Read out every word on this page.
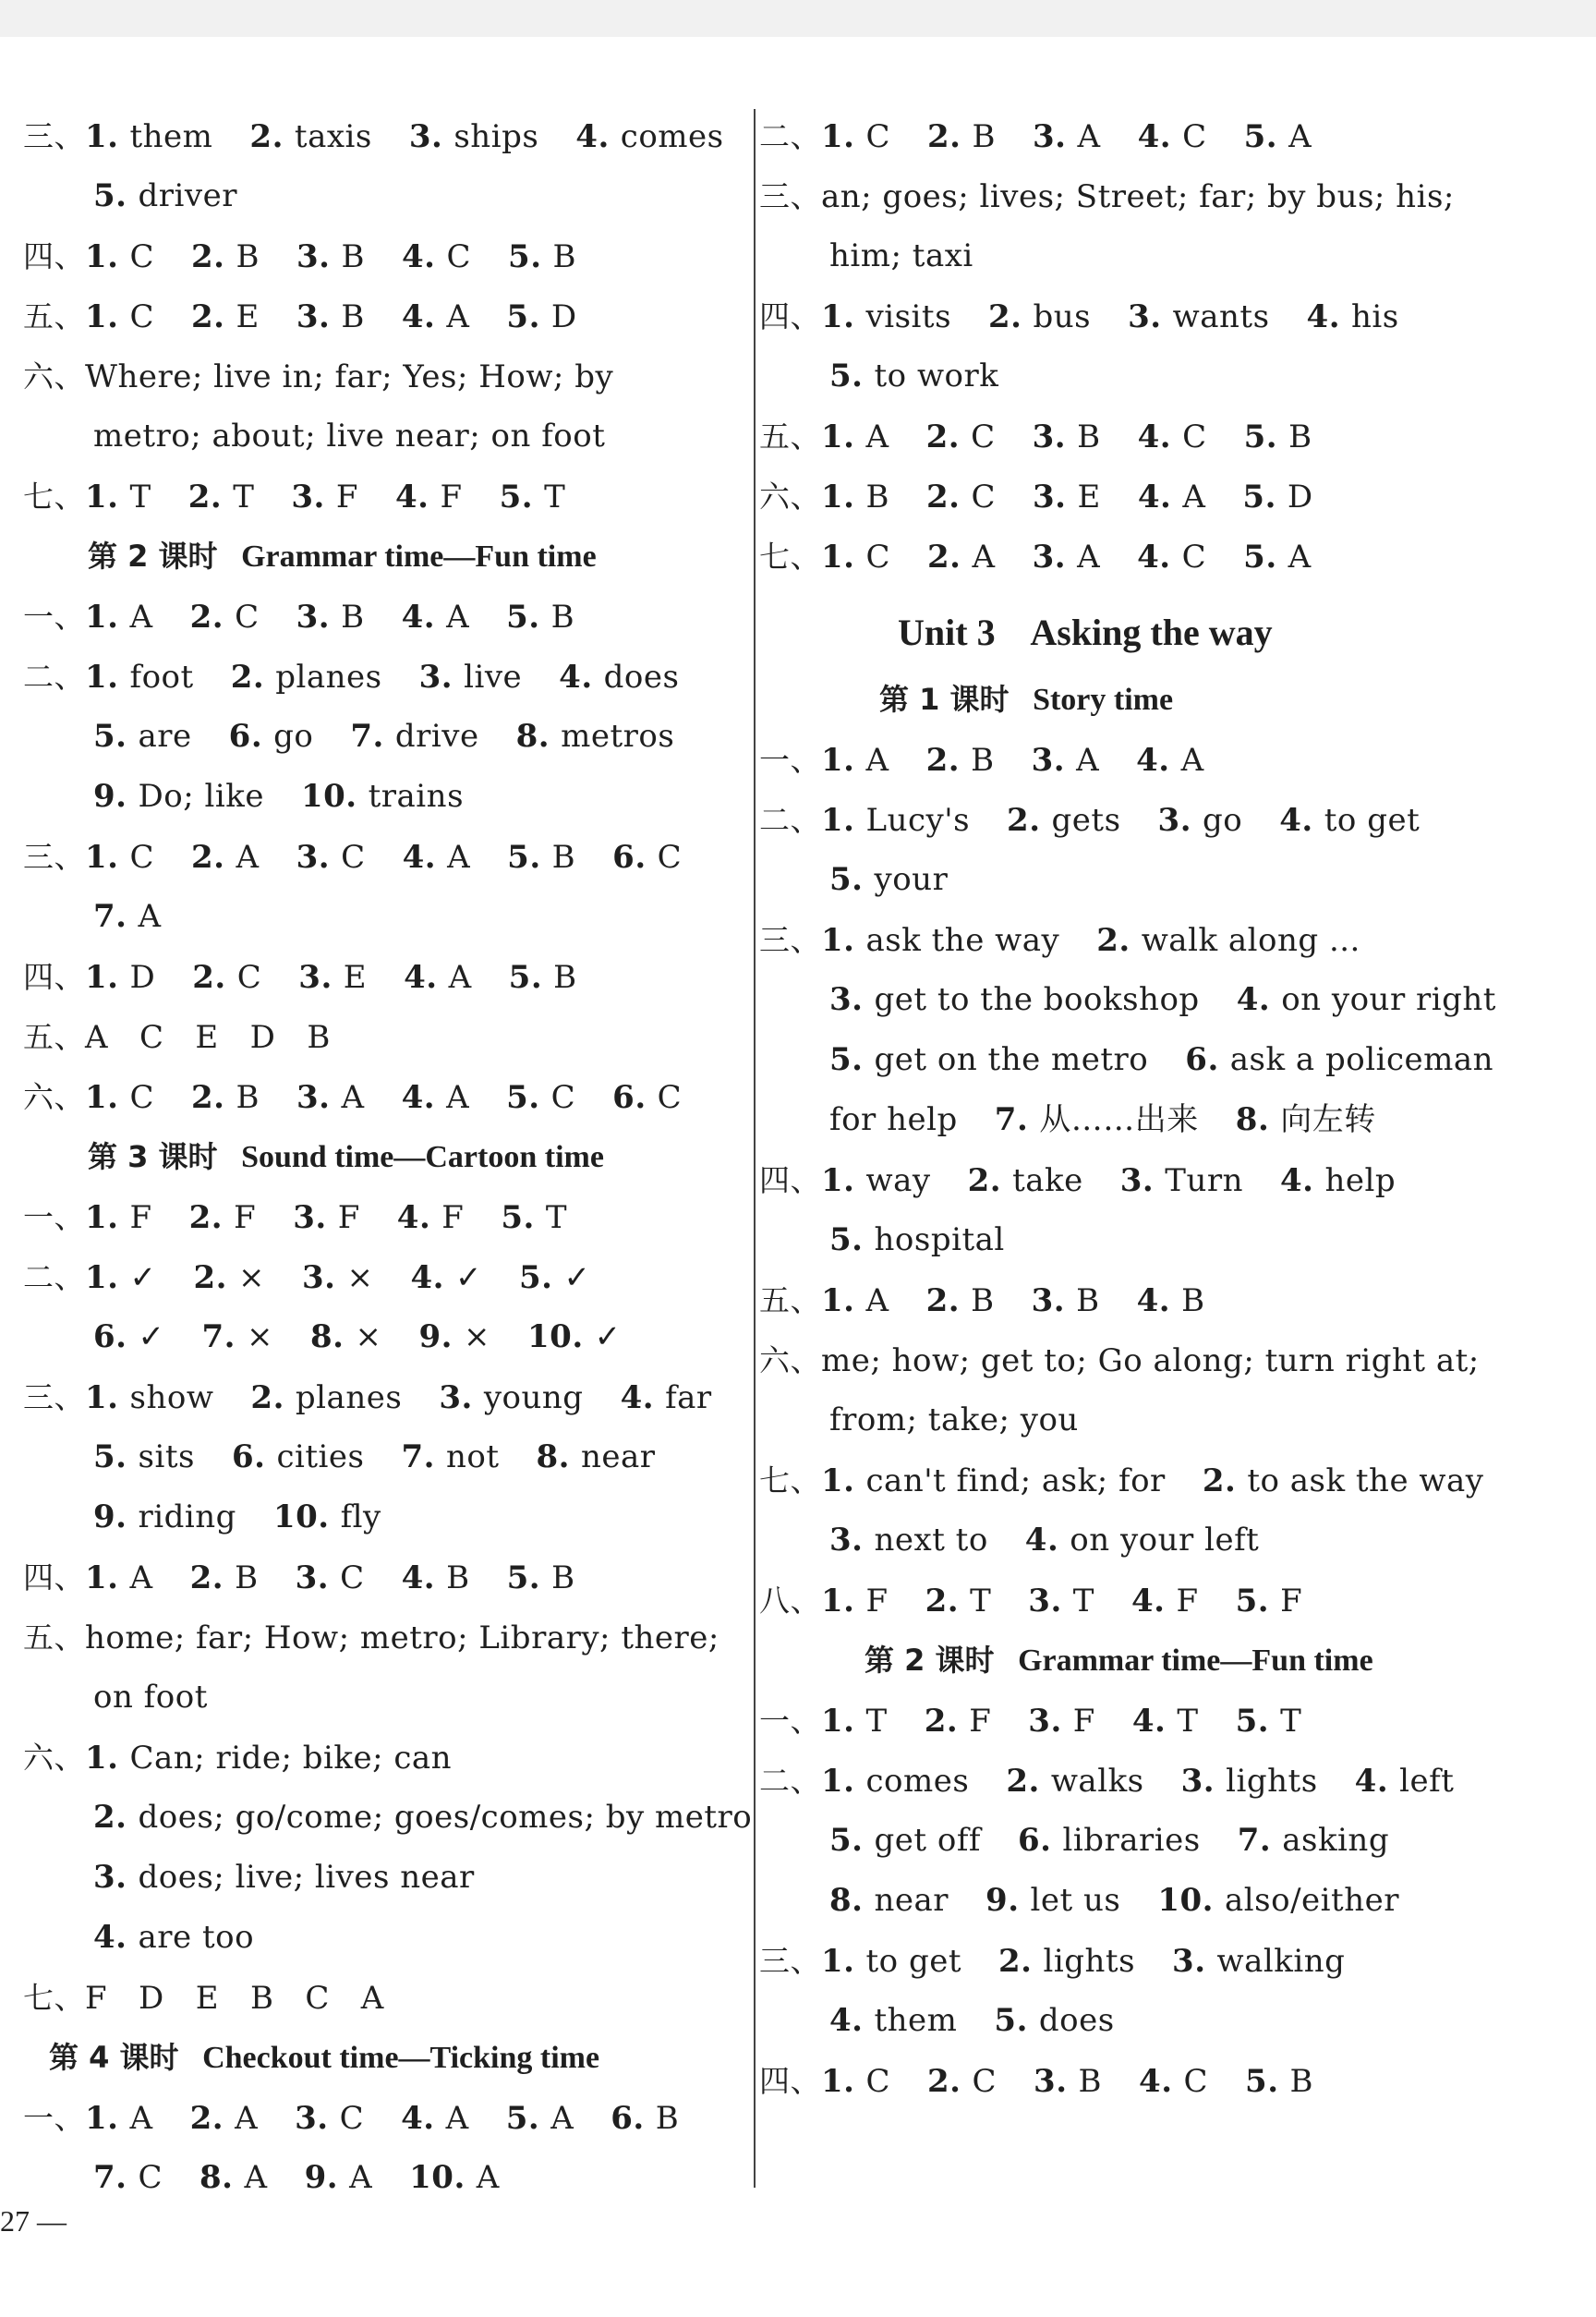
三、1. them 2. taxis 3. ships 4. comes
5. driver
四、1. C 2. B 3. B 4. C 5. B
五、1. C 2. E 3. B 4. A 5. D
六、Where; live in; far; Yes; How; by
metro; about; live near; on foot
七、1. T 2. T 3. F 4. F 5. T
第 2 课时 Grammar time—Fun time
一、1. A 2. C 3. B 4. A 5. B
二、1. foot 2. planes 3. live 4. does
5. are 6. go 7. drive 8. metros
9. Do; like 10. trains
三、1. C 2. A 3. C 4. A 5. B 6. C
7. A
四、1. D 2. C 3. E 4. A 5. B
五、A   C   E   D   B
六、1. C 2. B 3. A 4. A 5. C 6. C
第 3 课时 Sound time—Cartoon time
一、1. F 2. F 3. F 4. F 5. T
二、1. ✓ 2. × 3. × 4. ✓ 5. ✓
6. ✓ 7. × 8. × 9. × 10. ✓
三、1. show 2. planes 3. young 4. far
5. sits 6. cities 7. not 8. near
9. riding 10. fly
四、1. A 2. B 3. C 4. B 5. B
五、home; far; How; metro; Library; there;
on foot
六、1. Can; ride; bike; can
2. does; go/come; goes/comes; by metro
3. does; live; lives near
4. are too
七、F   D   E   B   C   A
第 4 课时 Checkout time—Ticking time
一、1. A 2. A 3. C 4. A 5. A 6. B
7. C 8. A 9. A 10. A
二、1. C 2. B 3. A 4. C 5. A
三、an; goes; lives; Street; far; by bus; his;
him; taxi
四、1. visits 2. bus 3. wants 4. his
5. to work
五、1. A 2. C 3. B 4. C 5. B
六、1. B 2. C 3. E 4. A 5. D
七、1. C 2. A 3. A 4. C 5. A
Unit 3    Asking the way
第 1 课时 Story time
一、1. A 2. B 3. A 4. A
二、1. Lucy's 2. gets 3. go 4. to get
5. your
三、1. ask the way 2. walk along ...
3. get to the bookshop 4. on your right
5. get on the metro 6. ask a policeman
for help 7. 从……出来 8. 向左转
四、1. way 2. take 3. Turn 4. help
5. hospital
五、1. A 2. B 3. B 4. B
六、me; how; get to; Go along; turn right at;
from; take; you
七、1. can't find; ask; for 2. to ask the way
3. next to 4. on your left
八、1. F 2. T 3. T 4. F 5. F
第 2 课时 Grammar time—Fun time
一、1. T 2. F 3. F 4. T 5. T
二、1. comes 2. walks 3. lights 4. left
5. get off 6. libraries 7. asking
8. near 9. let us 10. also/either
三、1. to get 2. lights 3. walking
4. them 5. does
四、1. C 2. C 3. B 4. C 5. B
27 —
